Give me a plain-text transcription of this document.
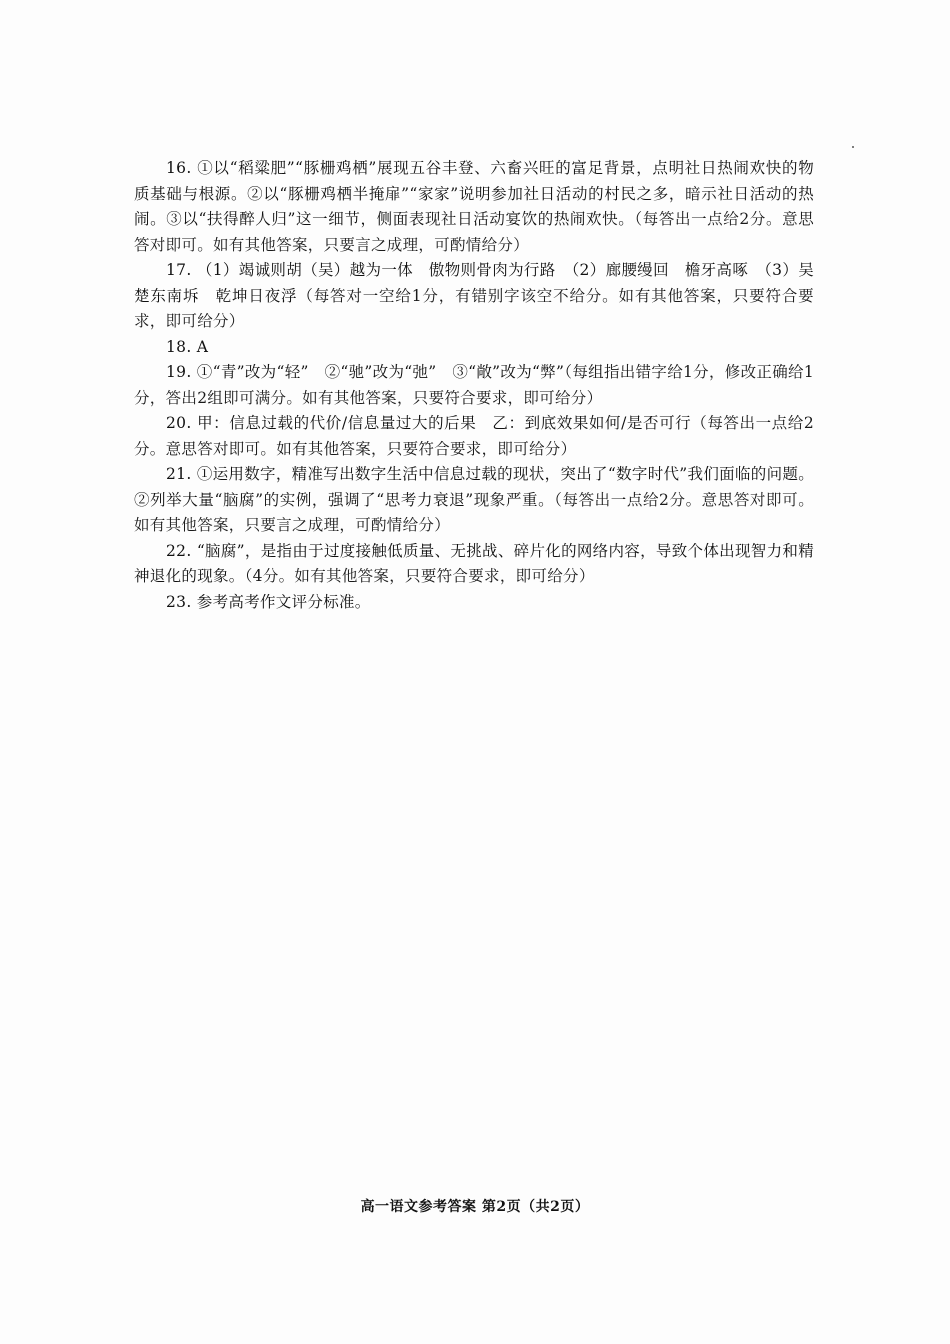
16. ①以“稻粱肥”“豚栅鸡栖”展现五谷丰登、六畜兴旺的富足背景，点明社日热闹欢快的物质基础与根源。②以“豚栅鸡栖半掩扉”“家家”说明参加社日活动的村民之多，暗示社日活动的热闹。③以“扶得醉人归”这一细节，侧面表现社日活动宴饮的热闹欢快。（每答出一点给2分。意思答对即可。如有其他答案，只要言之成理，可酌情给分）

17. （1）竭诚则胡（吴）越为一体　傲物则骨肉为行路　（2）廊腰缦回　檐牙高啄　（3）吴楚东南坼　乾坤日夜浮（每答对一空给1分，有错别字该空不给分。如有其他答案，只要符合要求，即可给分）

18. A

19. ①“青”改为“轻”　②“驰”改为“弛”　③“敞”改为“弊”（每组指出错字给1分，修改正确给1分，答出2组即可满分。如有其他答案，只要符合要求，即可给分）

20. 甲：信息过载的代价/信息量过大的后果　乙：到底效果如何/是否可行（每答出一点给2分。意思答对即可。如有其他答案，只要符合要求，即可给分）

21. ①运用数字，精准写出数字生活中信息过载的现状，突出了“数字时代”我们面临的问题。②列举大量“脑腐”的实例，强调了“思考力衰退”现象严重。（每答出一点给2分。意思答对即可。如有其他答案，只要言之成理，可酌情给分）

22. “脑腐”，是指由于过度接触低质量、无挑战、碎片化的网络内容，导致个体出现智力和精神退化的现象。（4分。如有其他答案，只要符合要求，即可给分）

23. 参考高考作文评分标准。

高一语文参考答案 第2页（共2页）
